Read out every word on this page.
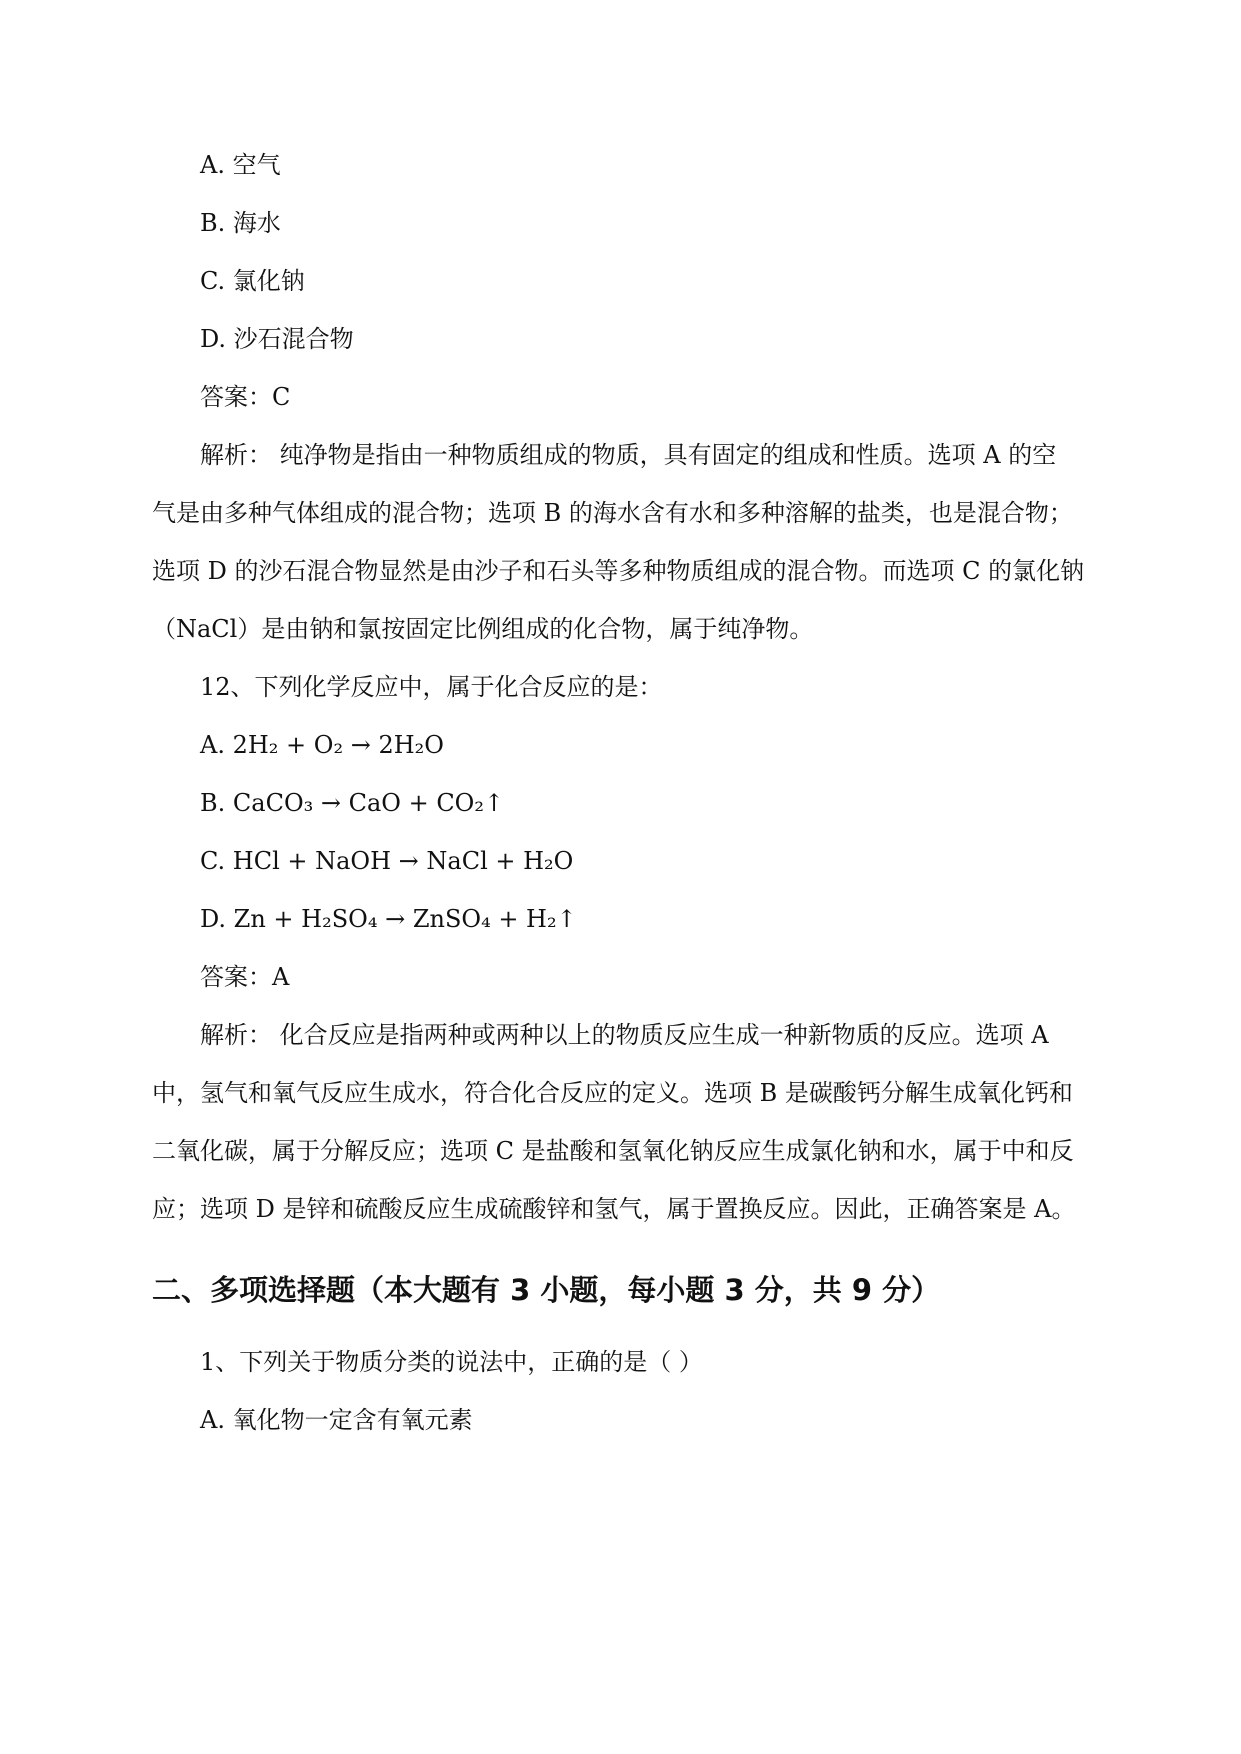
A. 空气
B. 海水
C. 氯化钠
D. 沙石混合物
答案：C
解析： 纯净物是指由一种物质组成的物质，具有固定的组成和性质。选项 A 的空
气是由多种气体组成的混合物；选项 B 的海水含有水和多种溶解的盐类，也是混合物；
选项 D 的沙石混合物显然是由沙子和石头等多种物质组成的混合物。而选项 C 的氯化钠
（NaCl）是由钠和氯按固定比例组成的化合物，属于纯净物。
12、下列化学反应中，属于化合反应的是：
A. 2H₂ + O₂ → 2H₂O
B. CaCO₃ → CaO + CO₂↑
C. HCl + NaOH → NaCl + H₂O
D. Zn + H₂SO₄ → ZnSO₄ + H₂↑
答案：A
解析： 化合反应是指两种或两种以上的物质反应生成一种新物质的反应。选项 A
中，氢气和氧气反应生成水，符合化合反应的定义。选项 B 是碳酸钙分解生成氧化钙和
二氧化碳，属于分解反应；选项 C 是盐酸和氢氧化钠反应生成氯化钠和水，属于中和反
应；选项 D 是锌和硫酸反应生成硫酸锌和氢气，属于置换反应。因此，正确答案是 A。
二、多项选择题（本大题有 3 小题，每小题 3 分，共 9 分）
1、下列关于物质分类的说法中，正确的是（ ）
A. 氧化物一定含有氧元素
